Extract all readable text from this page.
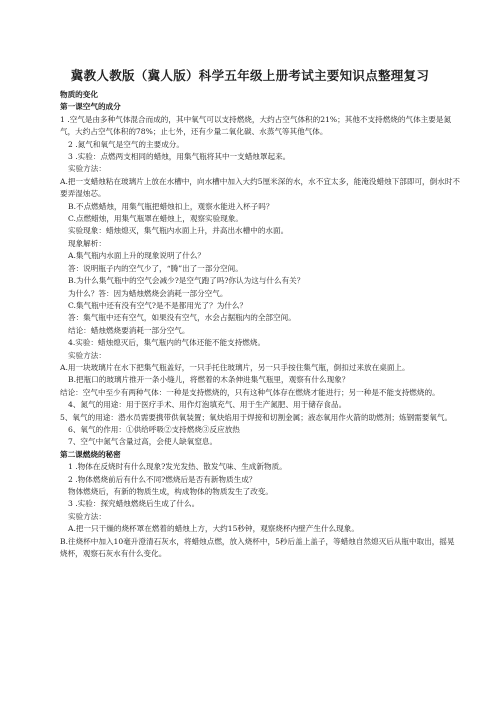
冀教人教版（冀人版）科学五年级上册考试主要知识点整理复习
物质的变化
第一课空气的成分
1 .空气是由多种气体混合而成的，其中氧气可以支持燃烧，大约占空气体积的21%；其他不支持燃烧的气体主要是氮气，大约占空气体积的78%；止七外，还有少量二氧化碳、水蒸气等其他气体。
2 .氮气和氧气是空气的主要成分。
3 .实验：点燃两支相同的蜡烛，用集气瓶将其中一支蜡烛罩起来。
实验方法：
A.把一支蜡烛粘在玻璃片上放在水槽中，向水槽中加入大约5厘米深的水，水不宜太多，能淹没蜡烛下部即可，倒水时不要弄湿烛芯。
B.不点燃蜡烛，用集气瓶把蜡烛扣上，观察水能进入杯子吗？
C.点燃蜡烛，用集气瓶罩在蜡烛上，观察实验现象。
实验现象：蜡烛熄灭，集气瓶内水面上升，并高出水槽中的水面。
现象解析：
A.集气瓶内水面上升的现象说明了什么？
答：说明瓶子内的空气少了，“腾”出了一部分空间。
B.为什么集气瓶中的空气会减少?是空气跑了吗?你认为这与什么有关？
为什么？答：因为蜡烛燃烧会消耗一部分空气。
C.集气瓶中还有没有空气?是不是都用光了？为什么？
答：集气瓶中还有空气，如果没有空气，水会占据瓶内的全部空间。
结论：蜡烛燃烧要消耗一部分空气。
4.实验：蜡烛熄灭后，集气瓶内的气体还能不能支持燃烧。
实验方法：
A.用一块玻璃片在水下把集气瓶盖好，一只手托住玻璃片，另一只手按住集气瓶，倒扣过来放在桌面上。
B.把瓶口的玻璃片推开一条小缝儿，将燃着的木条伸进集气瓶里，观察有什么现象？
结论：空气中至少有两种气体：一种是支持燃烧的，只有这种气体存在燃烧才能进行；另一种是不能支持燃烧的。
4、氮气的用途：用于医疗手术、用作灯泡填充气、用于生产氮肥、用于储存食品。
5、氧气的用途：潜水员需要携带供氧装置；氧炔焰用于焊接和切割金属；液态氧用作火箭的助燃剂；炼钢需要氧气。
6、氧气的作用：①供给呼吸②支持燃烧③反应放热
7、空气中氮气含量过高，会使人缺氧窒息。
第二课燃烧的秘密
1 .物体在反烧时有什么现象?发光发热、散发气味、生成新物质。
2 .物体燃烧前后有什么不同?燃烧后是否有新物质生成？
物体燃烧后，有新的物质生成，构成物体的物质发生了改变。
3 .实验：探究蜡烛燃烧后生成了什么。
实验方法：
A.把一只干燥的烧杯罩在燃着的蜡烛上方，大约15秒钟，观察烧杯内壁产生什么现象。
B.往烧杯中加入10毫升澄清石灰水，将蜡烛点燃，放入烧杯中，5秒后盖上盖子，等蜡烛自然熄灭后从瓶中取出，摇晃烧杯，观察石灰水有什么变化。
